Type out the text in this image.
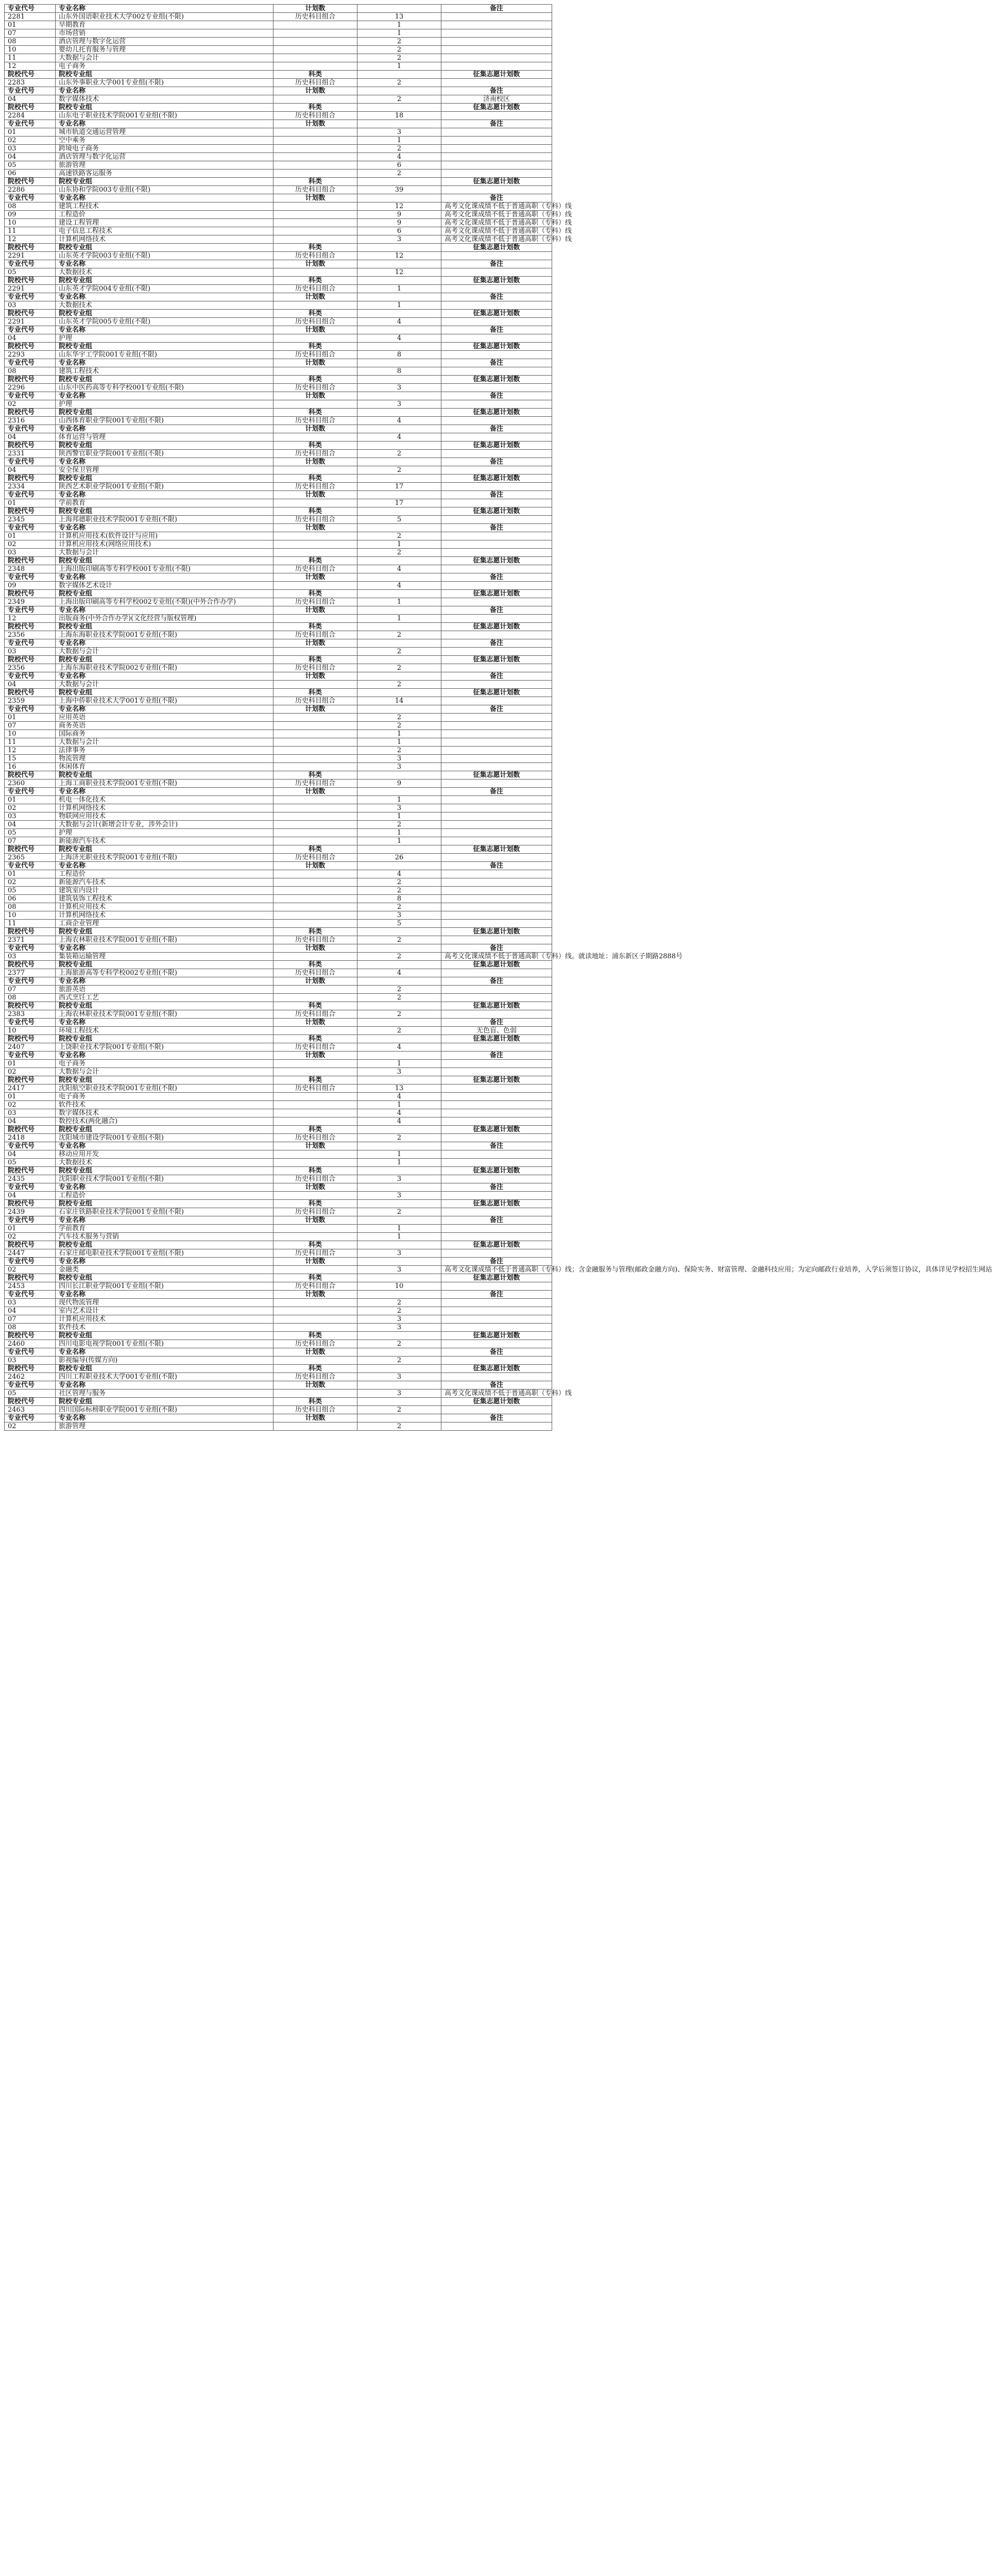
专业代号	专业名称	计划数		备注
2281	山东外国语职业技术大学002专业组(不限)	历史科目组合	13	
01	早期教育		1	
07	市场营销		1	
08	酒店管理与数字化运营		2	
10	婴幼儿托育服务与管理		2	
11	大数据与会计		2	
12	电子商务		1	
院校代号	院校专业组	科类		征集志愿计划数
2283	山东外事职业大学001专业组(不限)	历史科目组合	2	
专业代号	专业名称	计划数		备注
04	数字媒体技术		2	济南校区
院校代号	院校专业组	科类		征集志愿计划数
2284	山东电子职业技术学院001专业组(不限)	历史科目组合	18	
专业代号	专业名称	计划数		备注
01	城市轨道交通运营管理		3	
02	空中乘务		1	
03	跨境电子商务		2	
04	酒店管理与数字化运营		4	
05	旅游管理		6	
06	高速铁路客运服务		2	
院校代号	院校专业组	科类		征集志愿计划数
2286	山东协和学院003专业组(不限)	历史科目组合	39	
专业代号	专业名称	计划数		备注
08	建筑工程技术		12	高考文化课成绩不低于普通高职（专科）线
09	工程造价		9	高考文化课成绩不低于普通高职（专科）线
10	建设工程管理		9	高考文化课成绩不低于普通高职（专科）线
11	电子信息工程技术		6	高考文化课成绩不低于普通高职（专科）线
12	计算机网络技术		3	高考文化课成绩不低于普通高职（专科）线
院校代号	院校专业组	科类		征集志愿计划数
2291	山东英才学院003专业组(不限)	历史科目组合	12	
专业代号	专业名称	计划数		备注
05	大数据技术		12	
院校代号	院校专业组	科类		征集志愿计划数
2291	山东英才学院004专业组(不限)	历史科目组合	1	
专业代号	专业名称	计划数		备注
03	大数据技术		1	
院校代号	院校专业组	科类		征集志愿计划数
2291	山东英才学院005专业组(不限)	历史科目组合	4	
专业代号	专业名称	计划数		备注
04	护理		4	
院校代号	院校专业组	科类		征集志愿计划数
2293	山东华宇工学院001专业组(不限)	历史科目组合	8	
专业代号	专业名称	计划数		备注
08	建筑工程技术		8	
院校代号	院校专业组	科类		征集志愿计划数
2296	山东中医药高等专科学校001专业组(不限)	历史科目组合	3	
专业代号	专业名称	计划数		备注
02	护理		3	
院校代号	院校专业组	科类		征集志愿计划数
2316	山西体育职业学院001专业组(不限)	历史科目组合	4	
专业代号	专业名称	计划数		备注
04	体育运营与管理		4	
院校代号	院校专业组	科类		征集志愿计划数
2331	陕西警官职业学院001专业组(不限)	历史科目组合	2	
专业代号	专业名称	计划数		备注
04	安全保卫管理		2	
院校代号	院校专业组	科类		征集志愿计划数
2334	陕西艺术职业学院001专业组(不限)	历史科目组合	17	
专业代号	专业名称	计划数		备注
01	学前教育		17	
院校代号	院校专业组	科类		征集志愿计划数
2345	上海邦德职业技术学院001专业组(不限)	历史科目组合	5	
专业代号	专业名称	计划数		备注
01	计算机应用技术(软件设计与应用)		2	
02	计算机应用技术(网络应用技术)		1	
03	大数据与会计		2	
院校代号	院校专业组	科类		征集志愿计划数
2348	上海出版印刷高等专科学校001专业组(不限)	历史科目组合	4	
专业代号	专业名称	计划数		备注
09	数字媒体艺术设计		4	
院校代号	院校专业组	科类		征集志愿计划数
2349	上海出版印刷高等专科学校002专业组(不限)(中外合作办学)	历史科目组合	1	
专业代号	专业名称	计划数		备注
12	出版商务(中外合作办学)(文化经营与版权管理)		1	
院校代号	院校专业组	科类		征集志愿计划数
2356	上海东海职业技术学院001专业组(不限)	历史科目组合	2	
专业代号	专业名称	计划数		备注
03	大数据与会计		2	
院校代号	院校专业组	科类		征集志愿计划数
2356	上海东海职业技术学院002专业组(不限)	历史科目组合	2	
专业代号	专业名称	计划数		备注
04	大数据与会计		2	
院校代号	院校专业组	科类		征集志愿计划数
2359	上海中侨职业技术大学001专业组(不限)	历史科目组合	14	
专业代号	专业名称	计划数		备注
01	应用英语		2	
07	商务英语		2	
10	国际商务		1	
11	大数据与会计		1	
12	法律事务		2	
15	物流管理		3	
16	休闲体育		3	
院校代号	院校专业组	科类		征集志愿计划数
2360	上海工商职业技术学院001专业组(不限)	历史科目组合	9	
专业代号	专业名称	计划数		备注
01	机电一体化技术		1	
02	计算机网络技术		3	
03	物联网应用技术		1	
04	大数据与会计(新增会计专业，涉外会计)		2	
05	护理		1	
07	新能源汽车技术		1	
院校代号	院校专业组	科类		征集志愿计划数
2365	上海济光职业技术学院001专业组(不限)	历史科目组合	26	
专业代号	专业名称	计划数		备注
01	工程造价		4	
02	新能源汽车技术		2	
05	建筑室内设计		2	
06	建筑装饰工程技术		8	
08	计算机应用技术		2	
10	计算机网络技术		3	
11	工商企业管理		5	
院校代号	院校专业组	科类		征集志愿计划数
2371	上海农林职业技术学院001专业组(不限)	历史科目组合	2	
专业代号	专业名称	计划数		备注
03	集装箱运输管理		2	高考文化课成绩不低于普通高职（专科）线。就读地址：浦东新区子期路2888号
院校代号	院校专业组	科类		征集志愿计划数
2377	上海旅游高等专科学校002专业组(不限)	历史科目组合	4	
专业代号	专业名称	计划数		备注
07	旅游英语		2	
08	西式烹饪工艺		2	
院校代号	院校专业组	科类		征集志愿计划数
2383	上海农林职业技术学院001专业组(不限)	历史科目组合	2	
专业代号	专业名称	计划数		备注
10	环境工程技术		2	无色盲、色弱
院校代号	院校专业组	科类		征集志愿计划数
2407	上饶职业技术学院001专业组(不限)	历史科目组合	4	
专业代号	专业名称	计划数		备注
01	电子商务		1	
02	大数据与会计		3	
院校代号	院校专业组	科类		征集志愿计划数
2417	沈阳航空职业技术学院001专业组(不限)	历史科目组合	13	
01	电子商务		4	
02	软件技术		1	
03	数字媒体技术		4	
04	数控技术(两化融合)		4	
院校代号	院校专业组	科类		征集志愿计划数
2418	沈阳城市建设学院001专业组(不限)	历史科目组合	2	
专业代号	专业名称	计划数		备注
04	移动应用开发		1	
05	大数据技术		1	
院校代号	院校专业组	科类		征集志愿计划数
2435	沈阳职业技术学院001专业组(不限)	历史科目组合	3	
专业代号	专业名称	计划数		备注
04	工程造价		3	
院校代号	院校专业组	科类		征集志愿计划数
2439	石家庄铁路职业技术学院001专业组(不限)	历史科目组合	2	
专业代号	专业名称	计划数		备注
01	学前教育		1	
02	汽车技术服务与营销		1	
院校代号	院校专业组	科类		征集志愿计划数
2447	石家庄邮电职业技术学院001专业组(不限)	历史科目组合	3	
专业代号	专业名称	计划数		备注
02	金融类		3	高考文化课成绩不低于普通高职（专科）线；含金融服务与管理(邮政金融方向)、保险实务、财富管理、金融科技应用；为定向邮政行业培养，入学后须签订协议，具体详见学校招生网站
院校代号	院校专业组	科类		征集志愿计划数
2453	四川长江职业学院001专业组(不限)	历史科目组合	10	
专业代号	专业名称	计划数		备注
03	现代物流管理		2	
04	室内艺术设计		2	
07	计算机应用技术		3	
08	软件技术		3	
院校代号	院校专业组	科类		征集志愿计划数
2460	四川电影电视学院001专业组(不限)	历史科目组合	2	
专业代号	专业名称	计划数		备注
03	影视编导(传媒方向)		2	
院校代号	院校专业组	科类		征集志愿计划数
2462	四川工程职业技术大学001专业组(不限)	历史科目组合	3	
专业代号	专业名称	计划数		备注
05	社区管理与服务		3	高考文化课成绩不低于普通高职（专科）线
院校代号	院校专业组	科类		征集志愿计划数
2463	四川国际标榜职业学院001专业组(不限)	历史科目组合	2	
专业代号	专业名称	计划数		备注
02	旅游管理		2	
